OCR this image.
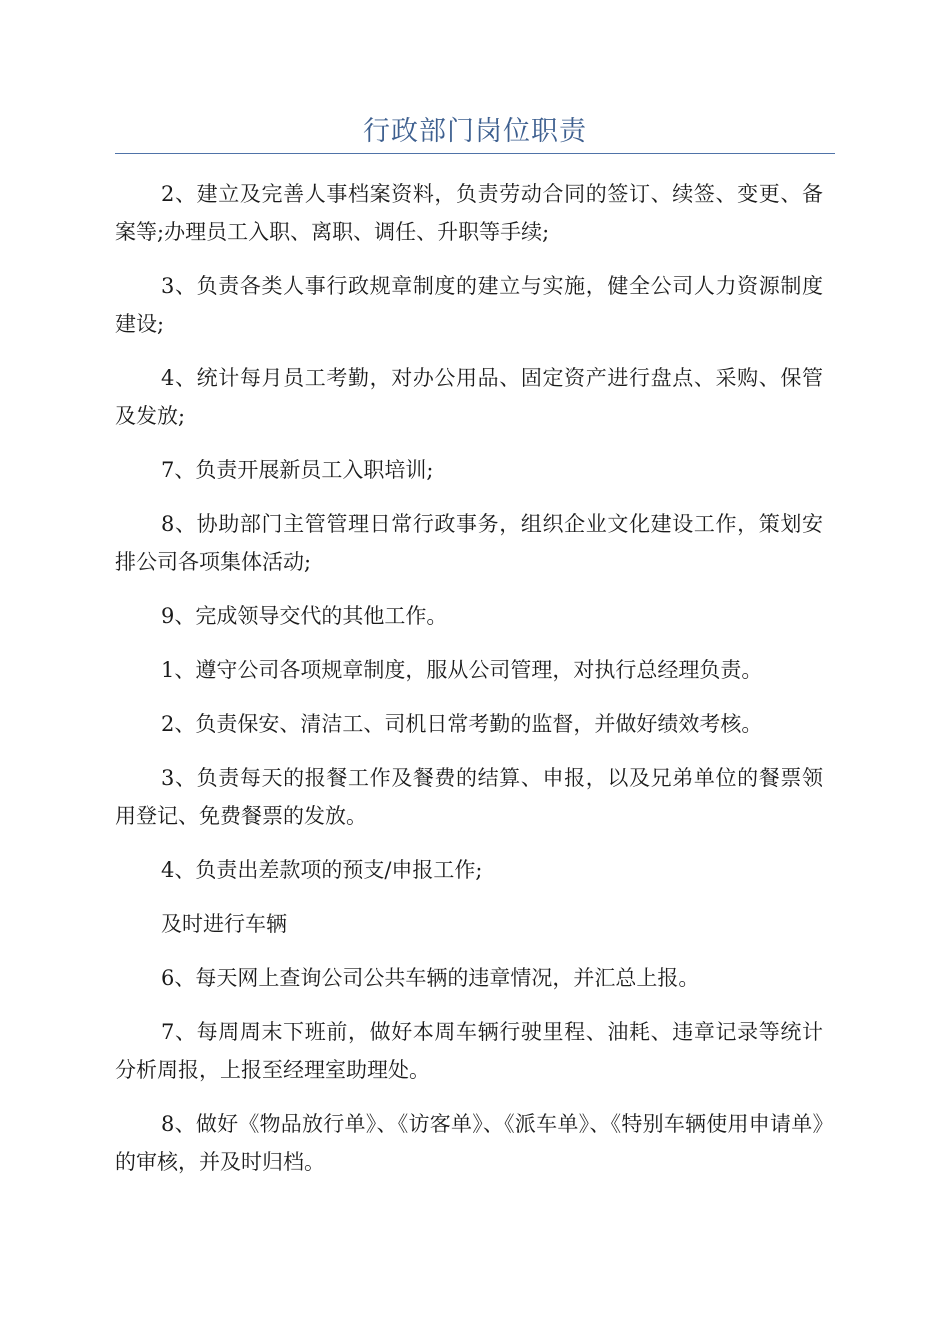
行政部门岗位职责

2、建立及完善人事档案资料，负责劳动合同的签订、续签、变更、备案等;办理员工入职、离职、调任、升职等手续;

3、负责各类人事行政规章制度的建立与实施，健全公司人力资源制度建设;

4、统计每月员工考勤，对办公用品、固定资产进行盘点、采购、保管及发放;

7、负责开展新员工入职培训;

8、协助部门主管管理日常行政事务，组织企业文化建设工作，策划安排公司各项集体活动;

9、完成领导交代的其他工作。

1、遵守公司各项规章制度，服从公司管理，对执行总经理负责。

2、负责保安、清洁工、司机日常考勤的监督，并做好绩效考核。

3、负责每天的报餐工作及餐费的结算、申报，以及兄弟单位的餐票领用登记、免费餐票的发放。

4、负责出差款项的预支/申报工作;

及时进行车辆

6、每天网上查询公司公共车辆的违章情况，并汇总上报。

7、每周周末下班前，做好本周车辆行驶里程、油耗、违章记录等统计分析周报，上报至经理室助理处。

8、做好《物品放行单》、《访客单》、《派车单》、《特别车辆使用申请单》的审核，并及时归档。
